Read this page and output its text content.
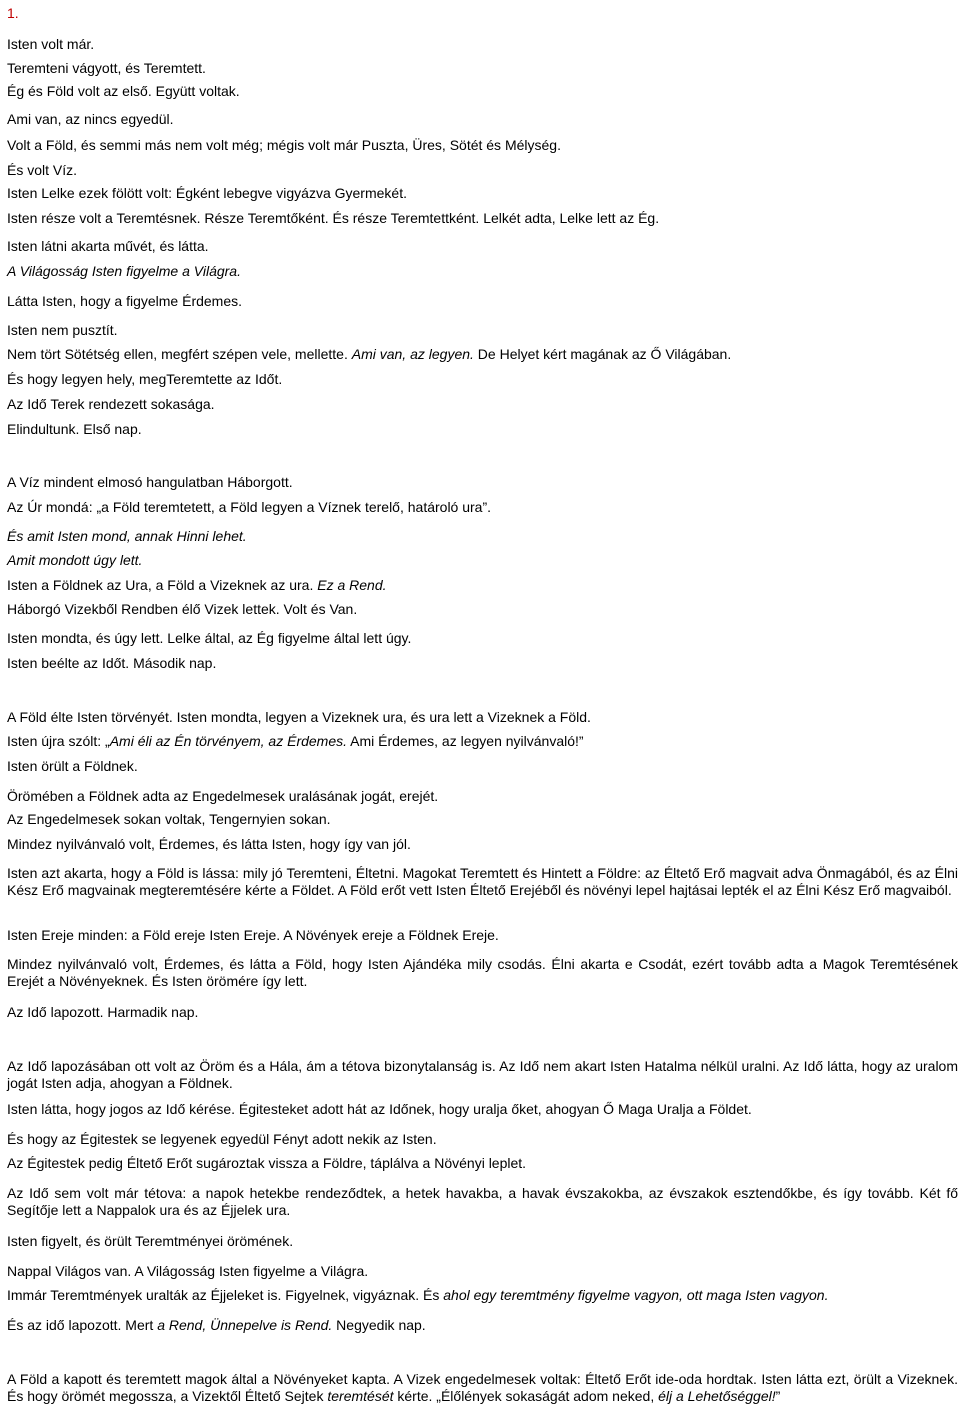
1.
Isten volt már.
Teremteni vágyott, és Teremtett.
Ég és Föld volt az első. Együtt voltak.
Ami van, az nincs egyedül.
Volt a Föld, és semmi más nem volt még; mégis volt már Puszta, Üres, Sötét és Mélység.
És volt Víz.
Isten Lelke ezek fölött volt: Égként lebegve vigyázva Gyermekét.
Isten része volt a Teremtésnek. Része Teremtőként. És része Teremtettként. Lelkét adta, Lelke lett az Ég.
Isten látni akarta művét, és látta.
A Világosság Isten figyelme a Világra.
Látta Isten, hogy a figyelme Érdemes.
Isten nem pusztít.
Nem tört Sötétség ellen, megfért szépen vele, mellette. Ami van, az legyen. De Helyet kért magának az Ő Világában.
És hogy legyen hely, megTeremtette az Időt.
Az Idő Terek rendezett sokasága.
Elindultunk. Első nap.
A Víz mindent elmosó hangulatban Háborgott.
Az Úr mondá: „a Föld teremtetett, a Föld legyen a Víznek terelő, határoló ura”.
És amit Isten mond, annak Hinni lehet.
Amit mondott úgy lett.
Isten a Földnek az Ura, a Föld a Vizeknek az ura. Ez a Rend.
Háborgó Vizekből Rendben élő Vizek lettek. Volt és Van.
Isten mondta, és úgy lett. Lelke által, az Ég figyelme által lett úgy.
Isten beélte az Időt. Második nap.
A Föld élte Isten törvényét. Isten mondta, legyen a Vizeknek ura, és ura lett a Vizeknek a Föld.
Isten újra szólt: „Ami éli az Én törvényem, az Érdemes. Ami Érdemes, az legyen nyilvánvaló!”
Isten örült a Földnek.
Örömében a Földnek adta az Engedelmesek uralásának jogát, erejét.
Az Engedelmesek sokan voltak, Tengernyien sokan.
Mindez nyilvánvaló volt, Érdemes, és látta Isten, hogy így van jól.
Isten azt akarta, hogy a Föld is lássa: mily jó Teremteni, Éltetni. Magokat Teremtett és Hintett a Földre: az Éltető Erő magvait adva Önmagából, és az Élni Kész Erő magvainak megteremtésére kérte a Földet. A Föld erőt vett Isten Éltető Erejéből és növényi lepel hajtásai lepték el az Élni Kész Erő magvaiból.
Isten Ereje minden: a Föld ereje Isten Ereje. A Növények ereje a Földnek Ereje.
Mindez nyilvánvaló volt, Érdemes, és látta a Föld, hogy Isten Ajándéka mily csodás. Élni akarta e Csodát, ezért tovább adta a Magok Teremtésének Erejét a Növényeknek. És Isten örömére így lett.
Az Idő lapozott. Harmadik nap.
Az Idő lapozásában ott volt az Öröm és a Hála, ám a tétova bizonytalanság is. Az Idő nem akart Isten Hatalma nélkül uralni. Az Idő látta, hogy az uralom jogát Isten adja, ahogyan a Földnek.
Isten látta, hogy jogos az Idő kérése. Égitesteket adott hát az Időnek, hogy uralja őket, ahogyan Ő Maga Uralja a Földet.
És hogy az Égitestek se legyenek egyedül Fényt adott nekik az Isten.
Az Égitestek pedig Éltető Erőt sugároztak vissza a Földre, táplálva a Növényi leplet.
Az Idő sem volt már tétova: a napok hetekbe rendeződtek, a hetek havakba, a havak évszakokba, az évszakok esztendőkbe, és így tovább. Két fő Segítője lett a Nappalok ura és az Éjjelek ura.
Isten figyelt, és örült Teremtményei örömének.
Nappal Világos van. A Világosság Isten figyelme a Világra.
Immár Teremtmények uralták az Éjjeleket is. Figyelnek, vigyáznak. És ahol egy teremtmény figyelme vagyon, ott maga Isten vagyon.
És az idő lapozott. Mert a Rend, Ünnepelve is Rend. Negyedik nap.
A Föld a kapott és teremtett magok által a Növényeket kapta. A Vizek engedelmesek voltak: Éltető Erőt ide-oda hordtak. Isten látta ezt, örült a Vizeknek. És hogy örömét megossza, a Vizektől Éltető Sejtek teremtését kérte. „Élőlények sokaságát adom neked, élj a Lehetőséggel!”
